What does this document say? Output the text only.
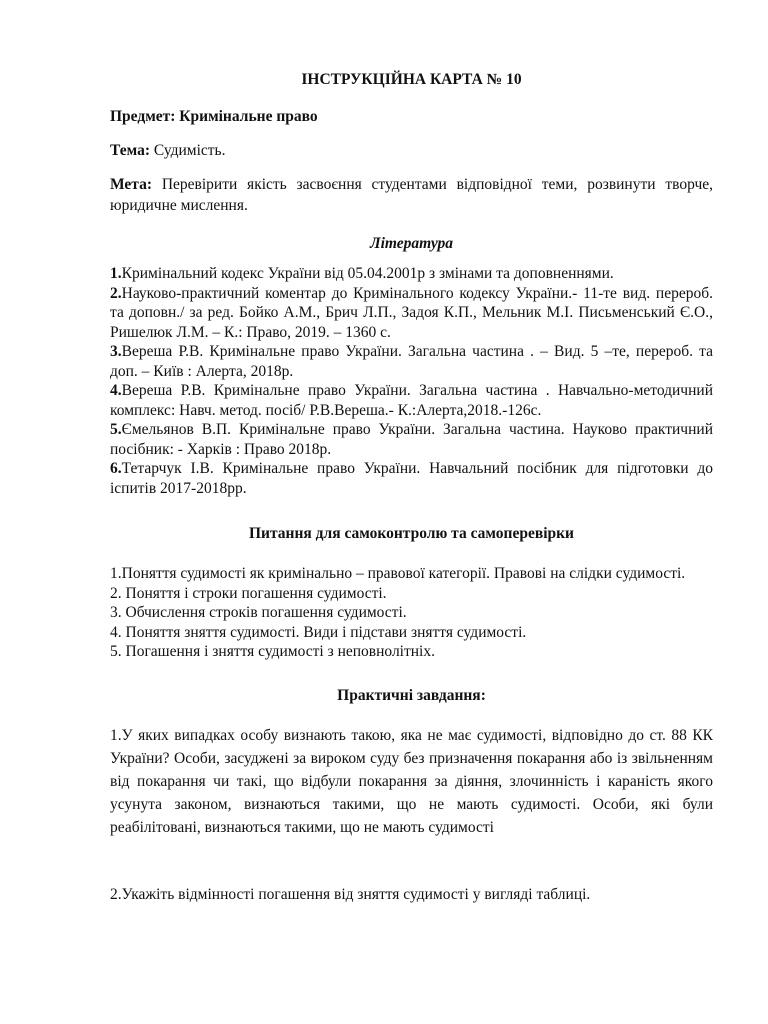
ІНСТРУКЦІЙНА КАРТА № 10

Предмет: Кримінальне право

Тема: Судимість.

Мета: Перевірити якість засвоєння студентами відповідної теми, розвинути творче, юридичне мислення.

Література

1.Кримінальний кодекс України від 05.04.2001р з змінами та доповненнями.

2.Науково-практичний коментар до Кримінального кодексу України.- 11-те вид. перероб. та доповн./ за ред. Бойко А.М., Брич Л.П., Задоя К.П., Мельник М.І. Письменський Є.О., Ришелюк Л.М. – К.: Право, 2019. – 1360 с.

3.Вереша Р.В. Кримінальне право України. Загальна частина . – Вид. 5 –те, перероб. та доп. – Київ : Алерта, 2018р.

4.Вереша Р.В. Кримінальне право України. Загальна частина . Навчально-методичний комплекс: Навч. метод. посіб/ Р.В.Вереша.- К.:Алерта,2018.-126с.

5.Ємельянов В.П. Кримінальне право України. Загальна частина. Науково практичний посібник: - Харків : Право 2018р.

6.Тетарчук І.В. Кримінальне право України. Навчальний посібник для підготовки до іспитів 2017-2018рр.

Питання для самоконтролю та самоперевірки

1.Поняття судимості як кримінально – правової категорії. Правові на слідки судимості.

2. Поняття і строки погашення судимості.

3. Обчислення строків погашення судимості.

4. Поняття зняття судимості. Види і підстави зняття судимості.

5. Погашення і зняття судимості з неповнолітніх.

Практичні завдання:

1.У яких випадках особу визнають такою, яка не має судимості, відповідно до ст. 88 КК України? Особи, засуджені за вироком суду без призначення покарання або із звільненням від покарання чи такі, що відбули покарання за діяння, злочинність і караність якого усунута законом, визнаються такими, що не мають судимості. Особи, які були реабілітовані, визнаються такими, що не мають судимості

2.Укажіть відмінності погашення від зняття судимості у вигляді таблиці.
